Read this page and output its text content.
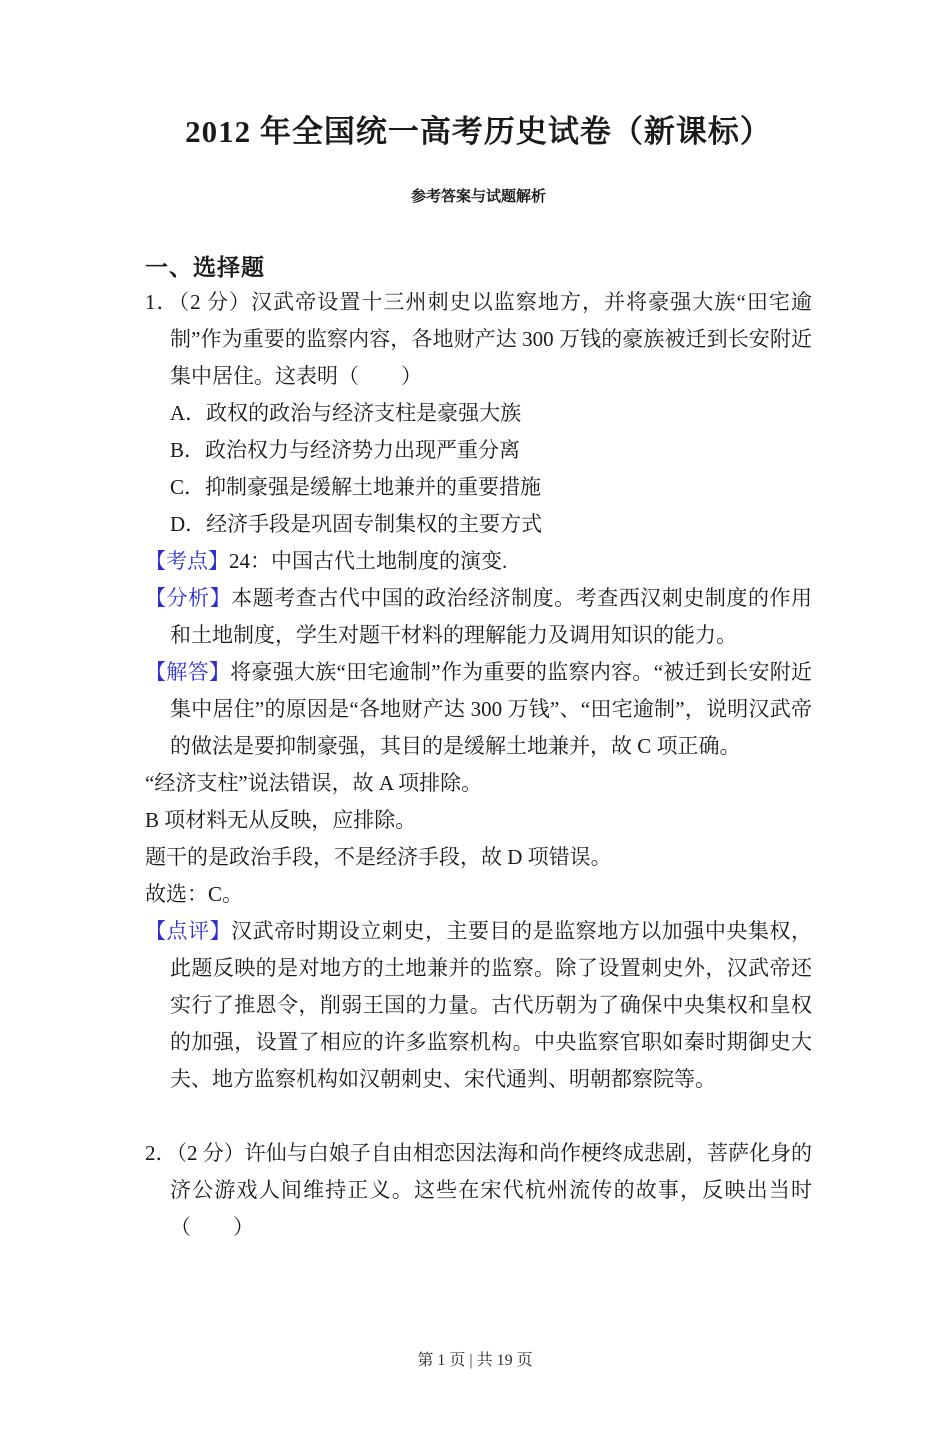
2012 年全国统一高考历史试卷（新课标）
参考答案与试题解析
一、选择题

1．（2 分）汉武帝设置十三州刺史以监察地方，并将豪强大族“田宅逾制”作为重要的监察内容，各地财产达 300 万钱的豪族被迁到长安附近集中居住。这表明（　　）

A．政权的政治与经济支柱是豪强大族

B．政治权力与经济势力出现严重分离

C．抑制豪强是缓解土地兼并的重要措施

D．经济手段是巩固专制集权的主要方式

【考点】24：中国古代土地制度的演变.

【分析】本题考查古代中国的政治经济制度。考查西汉刺史制度的作用和土地制度，学生对题干材料的理解能力及调用知识的能力。

【解答】将豪强大族“田宅逾制”作为重要的监察内容。“被迁到长安附近集中居住”的原因是“各地财产达 300 万钱”、“田宅逾制”，说明汉武帝的做法是要抑制豪强，其目的是缓解土地兼并，故 C 项正确。

“经济支柱”说法错误，故 A 项排除。

B 项材料无从反映，应排除。

题干的是政治手段，不是经济手段，故 D 项错误。

故选：C。

【点评】汉武帝时期设立刺史，主要目的是监察地方以加强中央集权，此题反映的是对地方的土地兼并的监察。除了设置刺史外，汉武帝还实行了推恩令，削弱王国的力量。古代历朝为了确保中央集权和皇权的加强，设置了相应的许多监察机构。中央监察官职如秦时期御史大夫、地方监察机构如汉朝刺史、宋代通判、明朝都察院等。

2．（2 分）许仙与白娘子自由相恋因法海和尚作梗终成悲剧，菩萨化身的济公游戏人间维持正义。这些在宋代杭州流传的故事，反映出当时（　　）

第 1 页 | 共 19 页
